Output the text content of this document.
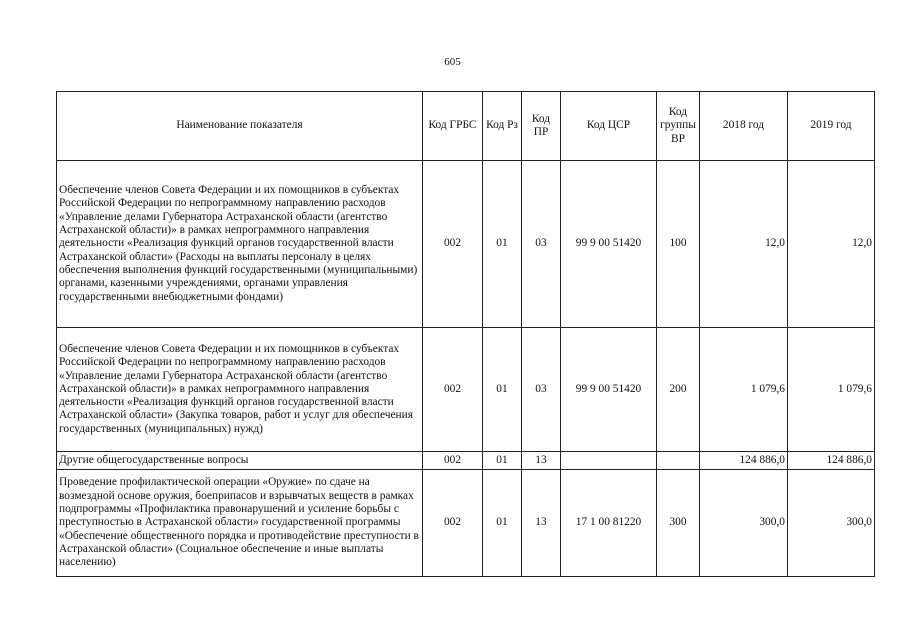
605
Наименование показателя	Код ГРБС	Код Рз	Код ПР	Код ЦСР	Код группы ВР	2018 год	2019 год
Обеспечение членов Совета Федерации и их помощников в субъектах Российской Федерации по непрограммному направлению расходов «Управление делами Губернатора Астраханской области (агентство Астраханской области)» в рамках непрограммного направления деятельности «Реализация функций органов государственной власти Астраханской области» (Расходы на выплаты персоналу в целях обеспечения выполнения функций государственными (муниципальными) органами, казенными учреждениями, органами управления государственными внебюджетными фондами)	002	01	03	99 9 00 51420	100	12,0	12,0
Обеспечение членов Совета Федерации и их помощников в субъектах Российской Федерации по непрограммному направлению расходов «Управление делами Губернатора Астраханской области (агентство Астраханской области)» в рамках непрограммного направления деятельности «Реализация функций органов государственной власти Астраханской области» (Закупка товаров, работ и услуг для обеспечения государственных (муниципальных) нужд)	002	01	03	99 9 00 51420	200	1 079,6	1 079,6
Другие общегосударственные вопросы	002	01	13			124 886,0	124 886,0
Проведение профилактической операции «Оружие» по сдаче на возмездной основе оружия, боеприпасов и взрывчатых веществ в рамках подпрограммы «Профилактика правонарушений и усиление борьбы с преступностью в Астраханской области» государственной программы «Обеспечение общественного порядка и противодействие преступности в Астраханской области» (Социальное обеспечение и иные выплаты населению)	002	01	13	17 1 00 81220	300	300,0	300,0
